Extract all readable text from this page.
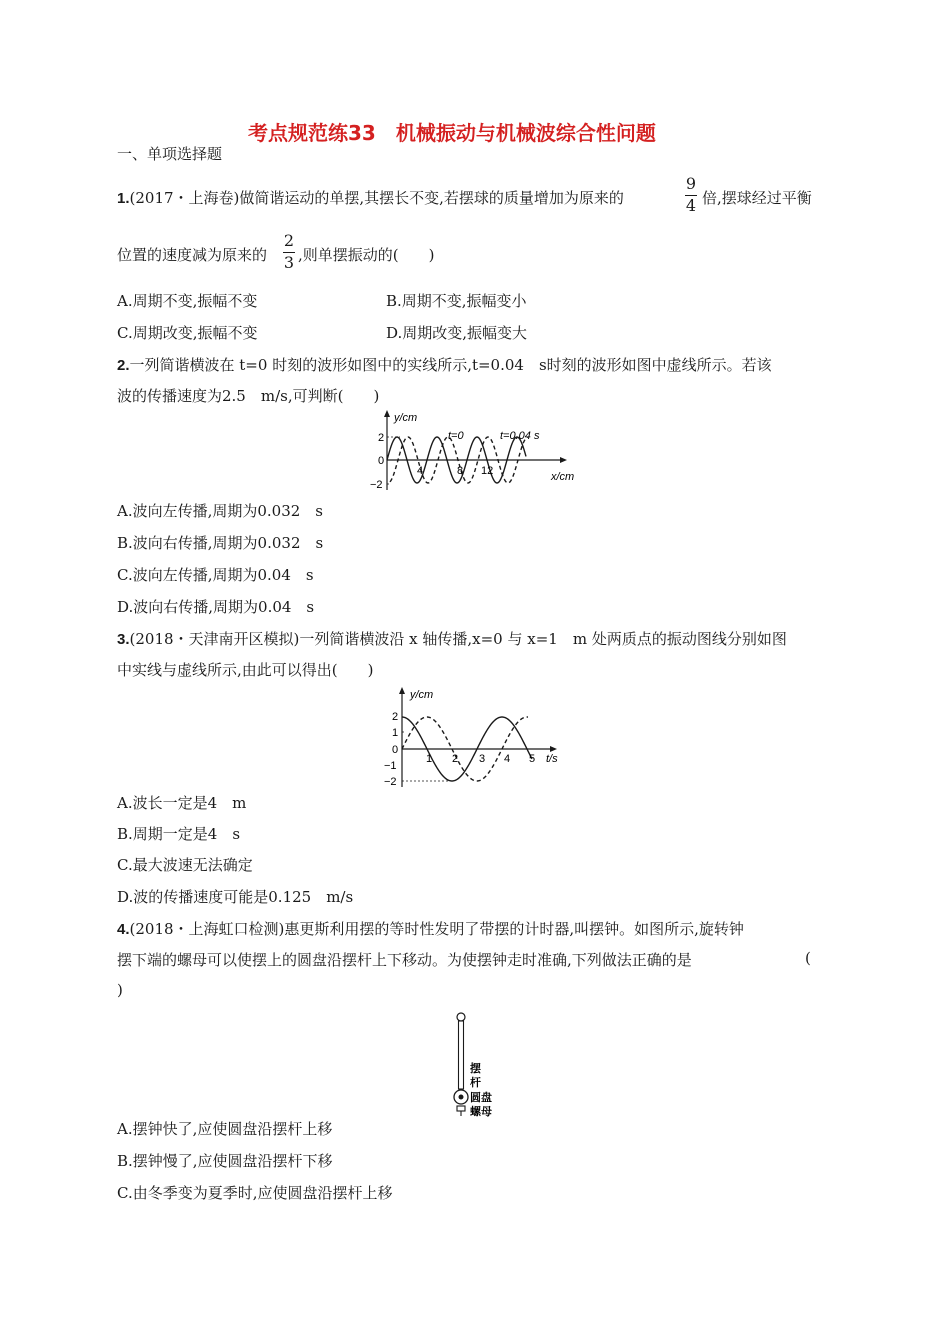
考点规范练33　机械振动与机械波综合性问题
一、单项选择题
1.(2017・上海卷)做简谐运动的单摆,其摆长不变,若摆球的质量增加为原来的
9
4 倍,摆球经过平衡
位置的速度减为原来的
2
3 ,则单摆振动的(　　)
A.周期不变,振幅不变	B.周期不变,振幅变小
C.周期改变,振幅不变	D.周期改变,振幅变大
2.一列简谐横波在 t=0 时刻的波形如图中的实线所示,t=0.04　s时刻的波形如图中虚线所示。若该
波的传播速度为2.5　m/s,可判断(　　)
y/cm
2
0
−2
4	8 12	x/cm
t=0	t=0.04 s
A.波向左传播,周期为0.032　s
B.波向右传播,周期为0.032　s
C.波向左传播,周期为0.04　s
D.波向右传播,周期为0.04　s
3.(2018・天津南开区模拟)一列简谐横波沿 x 轴传播,x=0 与 x=1　m 处两质点的振动图线分别如图
中实线与虚线所示,由此可以得出(　　)
y/cm
2
1
0
−1
−2
1 2 3 4 5 t/s
A.波长一定是4　m
B.周期一定是4　s
C.最大波速无法确定
D.波的传播速度可能是0.125　m/s
4.(2018・上海虹口检测)惠更斯利用摆的等时性发明了带摆的计时器,叫摆钟。如图所示,旋转钟
摆下端的螺母可以使摆上的圆盘沿摆杆上下移动。为使摆钟走时准确,下列做法正确的是	(
)
摆
杆
圆盘
螺母
A.摆钟快了,应使圆盘沿摆杆上移
B.摆钟慢了,应使圆盘沿摆杆下移
C.由冬季变为夏季时,应使圆盘沿摆杆上移
